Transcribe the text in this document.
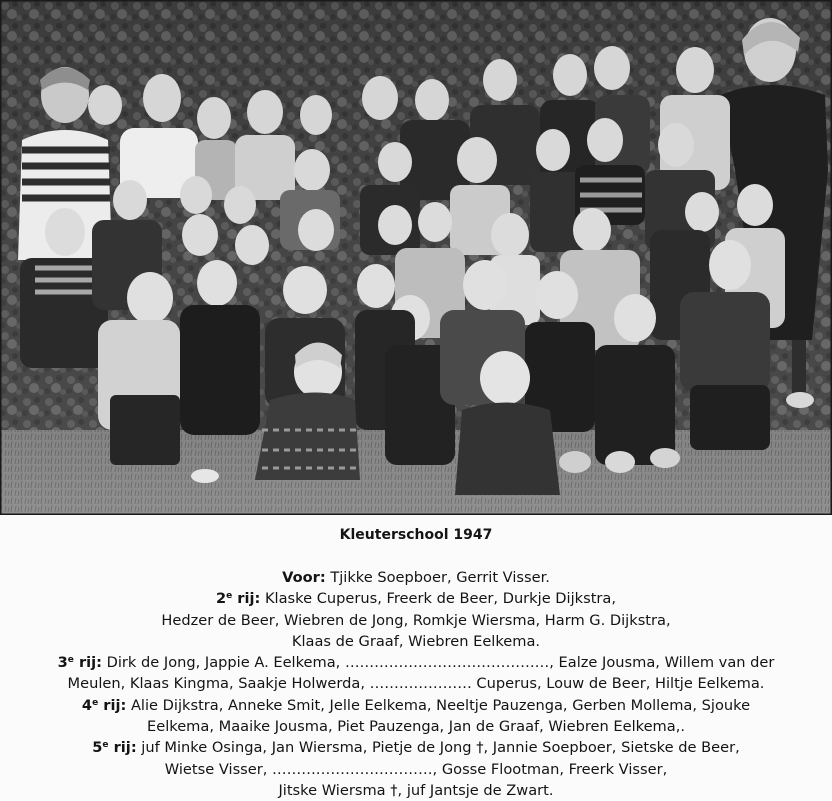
Kleuterschool 1947
Voor: Tjikke Soepboer, Gerrit Visser.
2e rij: Klaske Cuperus, Freerk de Beer, Durkje Dijkstra,
Hedzer de Beer, Wiebren de Jong, Romkje Wiersma, Harm G. Dijkstra,
Klaas de Graaf, Wiebren Eelkema.
3e rij: Dirk de Jong, Jappie A. Eelkema, ……………………………………, Ealze Jousma, Willem van der
Meulen, Klaas Kingma, Saakje Holwerda, ………………… Cuperus, Louw de Beer, Hiltje Eelkema.
4e rij: Alie Dijkstra, Anneke Smit, Jelle Eelkema, Neeltje Pauzenga, Gerben Mollema, Sjouke
Eelkema, Maaike Jousma, Piet Pauzenga, Jan de Graaf, Wiebren Eelkema,.
5e rij: juf Minke Osinga, Jan Wiersma, Pietje de Jong †, Jannie Soepboer, Sietske de Beer,
Wietse Visser, ……………………………, Gosse Flootman, Freerk Visser,
Jitske Wiersma †, juf Jantsje de Zwart.
